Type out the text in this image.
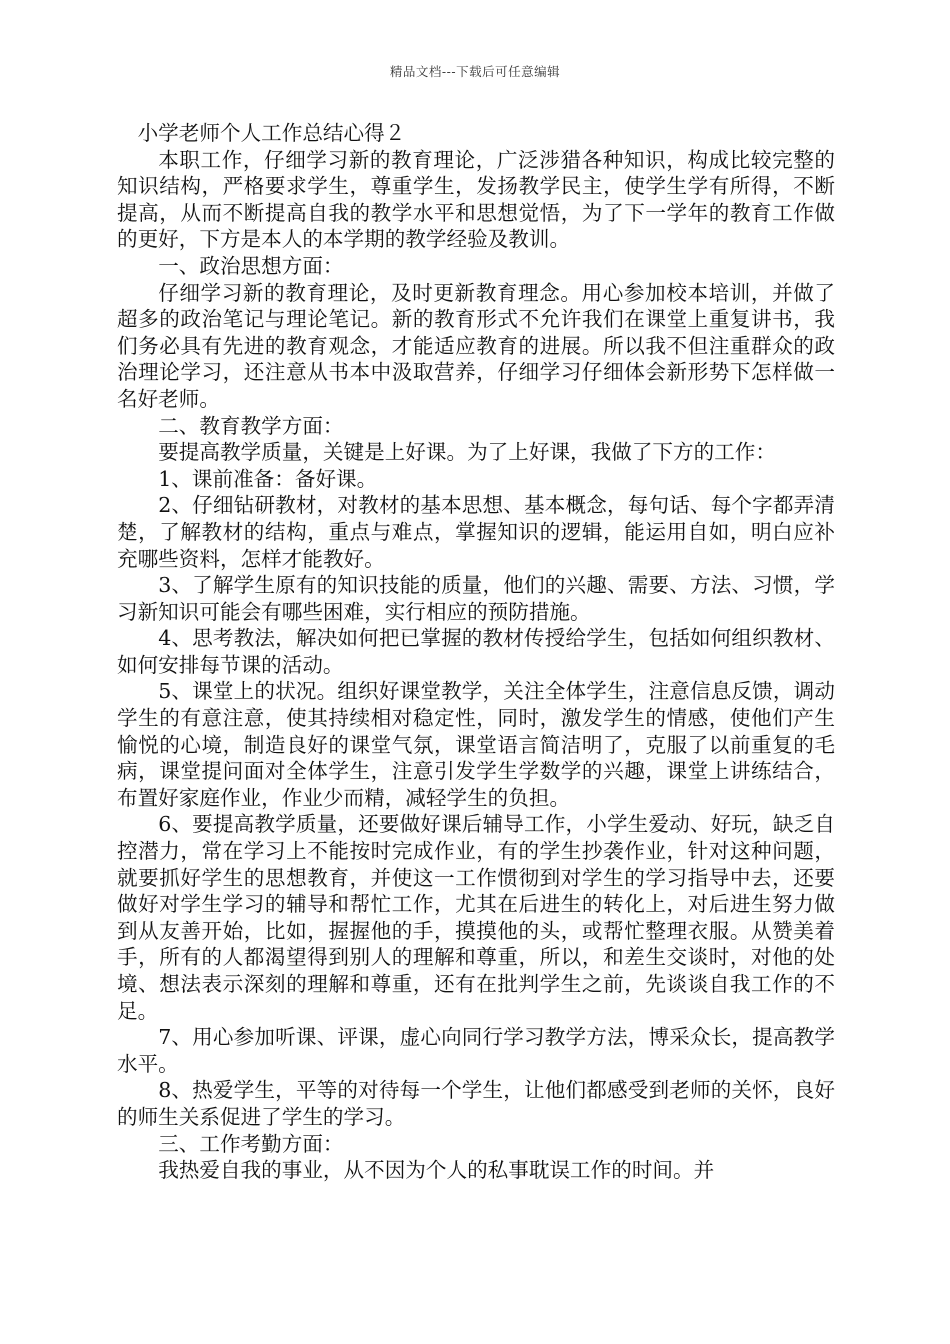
精品文档---下载后可任意编辑

小学老师个人工作总结心得２

本职工作，仔细学习新的教育理论，广泛涉猎各种知识，构成比较完整的知识结构，严格要求学生，尊重学生，发扬教学民主，使学生学有所得，不断提高，从而不断提高自我的教学水平和思想觉悟，为了下一学年的教育工作做的更好，下方是本人的本学期的教学经验及教训。

一、政治思想方面：

仔细学习新的教育理论，及时更新教育理念。用心参加校本培训，并做了超多的政治笔记与理论笔记。新的教育形式不允许我们在课堂上重复讲书，我们务必具有先进的教育观念，才能适应教育的进展。所以我不但注重群众的政治理论学习，还注意从书本中汲取营养，仔细学习仔细体会新形势下怎样做一名好老师。

二、教育教学方面：

要提高教学质量，关键是上好课。为了上好课，我做了下方的工作：

1、课前准备：备好课。

2、仔细钻研教材，对教材的基本思想、基本概念，每句话、每个字都弄清楚，了解教材的结构，重点与难点，掌握知识的逻辑，能运用自如，明白应补充哪些资料，怎样才能教好。

3、了解学生原有的知识技能的质量，他们的兴趣、需要、方法、习惯，学习新知识可能会有哪些困难，实行相应的预防措施。

4、思考教法，解决如何把已掌握的教材传授给学生，包括如何组织教材、如何安排每节课的活动。

5、课堂上的状况。组织好课堂教学，关注全体学生，注意信息反馈，调动学生的有意注意，使其持续相对稳定性，同时，激发学生的情感，使他们产生愉悦的心境，制造良好的课堂气氛，课堂语言简洁明了，克服了以前重复的毛病，课堂提问面对全体学生，注意引发学生学数学的兴趣，课堂上讲练结合，布置好家庭作业，作业少而精，减轻学生的负担。

6、要提高教学质量，还要做好课后辅导工作，小学生爱动、好玩，缺乏自控潜力，常在学习上不能按时完成作业，有的学生抄袭作业，针对这种问题，就要抓好学生的思想教育，并使这一工作惯彻到对学生的学习指导中去，还要做好对学生学习的辅导和帮忙工作，尤其在后进生的转化上，对后进生努力做到从友善开始，比如，握握他的手，摸摸他的头，或帮忙整理衣服。从赞美着手，所有的人都渴望得到别人的理解和尊重，所以，和差生交谈时，对他的处境、想法表示深刻的理解和尊重，还有在批判学生之前，先谈谈自我工作的不足。

7、用心参加听课、评课，虚心向同行学习教学方法，博采众长，提高教学水平。

8、热爱学生，平等的对待每一个学生，让他们都感受到老师的关怀，良好的师生关系促进了学生的学习。

三、工作考勤方面：

我热爱自我的事业，从不因为个人的私事耽误工作的时间。并
